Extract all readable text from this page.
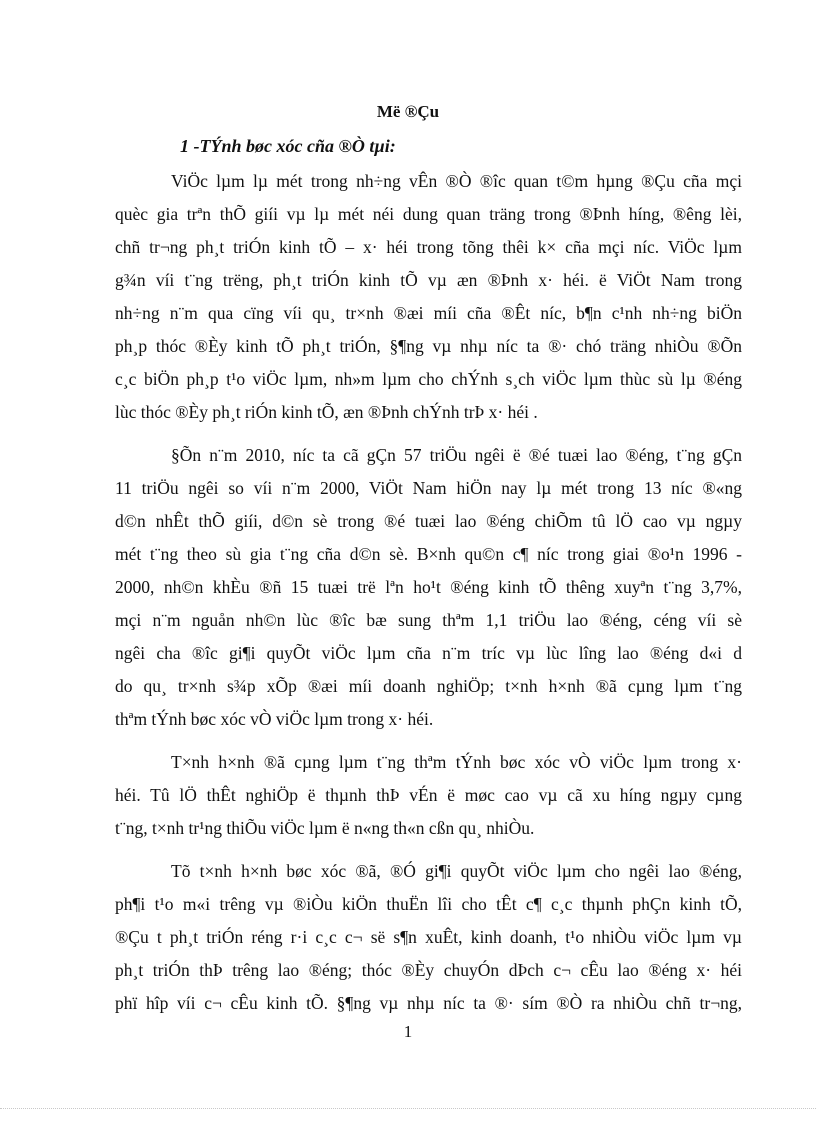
Më ®Çu
1 -TÝnh bøc xóc cña ®Ò tµi:
ViÖc lµm lµ mét trong nh÷ng vÊn ®Ò ®îc quan t©m hµng ®Çu cña mçi
quèc gia trªn thÕ giíi vµ lµ mét néi dung quan träng trong ®Þnh híng, ®êng lèi,
chñ tr¬ng ph¸t triÓn kinh tÕ – x· héi trong tõng thêi k× cña mçi níc. ViÖc lµm
g¾n víi t¨ng trëng, ph¸t triÓn kinh tÕ vµ æn ®Þnh x· héi. ë ViÖt Nam trong
nh÷ng n¨m qua cïng víi qu¸ tr×nh ®æi míi cña ®Êt níc, b¶n c¹nh nh÷ng biÖn
ph¸p thóc ®Èy kinh tÕ ph¸t triÓn, §¶ng vµ nhµ níc ta ®· chó träng nhiÒu ®Õn
c¸c biÖn ph¸p t¹o viÖc lµm, nh»m lµm cho chÝnh s¸ch viÖc lµm thùc sù lµ ®éng
lùc thóc ®Èy ph¸t riÓn kinh tÕ, æn ®Þnh chÝnh trÞ x· héi .
§Õn n¨m 2010, níc ta cã gÇn 57 triÖu ngêi ë ®é tuæi lao ®éng, t¨ng gÇn
11 triÖu ngêi so víi n¨m 2000, ViÖt Nam hiÖn nay lµ mét trong 13 níc ®«ng
d©n nhÊt thÕ giíi, d©n sè trong ®é tuæi lao ®éng chiÕm tû lÖ cao vµ ngµy
mét t¨ng theo sù gia t¨ng cña d©n sè. B×nh qu©n c¶ níc trong giai ®o¹n 1996 -
2000, nh©n khÈu ®ñ 15 tuæi trë lªn ho¹t ®éng kinh tÕ thêng xuyªn t¨ng 3,7%,
mçi n¨m nguån nh©n lùc ®îc bæ sung thªm 1,1 triÖu lao ®éng, céng víi sè
ngêi cha ®îc gi¶i quyÕt viÖc lµm cña n¨m tríc vµ lùc lîng lao ®éng d«i d
do qu¸ tr×nh s¾p xÕp ®æi míi doanh nghiÖp; t×nh h×nh ®ã cµng lµm t¨ng
thªm tÝnh bøc xóc vÒ viÖc lµm trong x· héi.
T×nh h×nh ®ã cµng lµm t¨ng thªm tÝnh bøc xóc vÒ viÖc lµm trong x·
héi. Tû lÖ thÊt nghiÖp ë thµnh thÞ vÉn ë møc cao vµ cã xu híng ngµy cµng
t¨ng, t×nh tr¹ng thiÕu viÖc lµm ë n«ng th«n cßn qu¸ nhiÒu.
Tõ t×nh h×nh bøc xóc ®ã, ®Ó gi¶i quyÕt viÖc lµm cho ngêi lao ®éng,
ph¶i t¹o m«i trêng vµ ®iÒu kiÖn thuËn lîi cho tÊt c¶ c¸c thµnh phÇn kinh tÕ,
®Çu t ph¸t triÓn réng r·i c¸c c¬ së s¶n xuÊt, kinh doanh, t¹o nhiÒu viÖc lµm vµ
ph¸t triÓn thÞ trêng lao ®éng; thóc ®Èy chuyÓn dÞch c¬ cÊu lao ®éng x· héi
phï hîp víi c¬ cÊu kinh tÕ. §¶ng vµ nhµ níc ta ®· sím ®Ò ra nhiÒu chñ tr¬ng,
1
